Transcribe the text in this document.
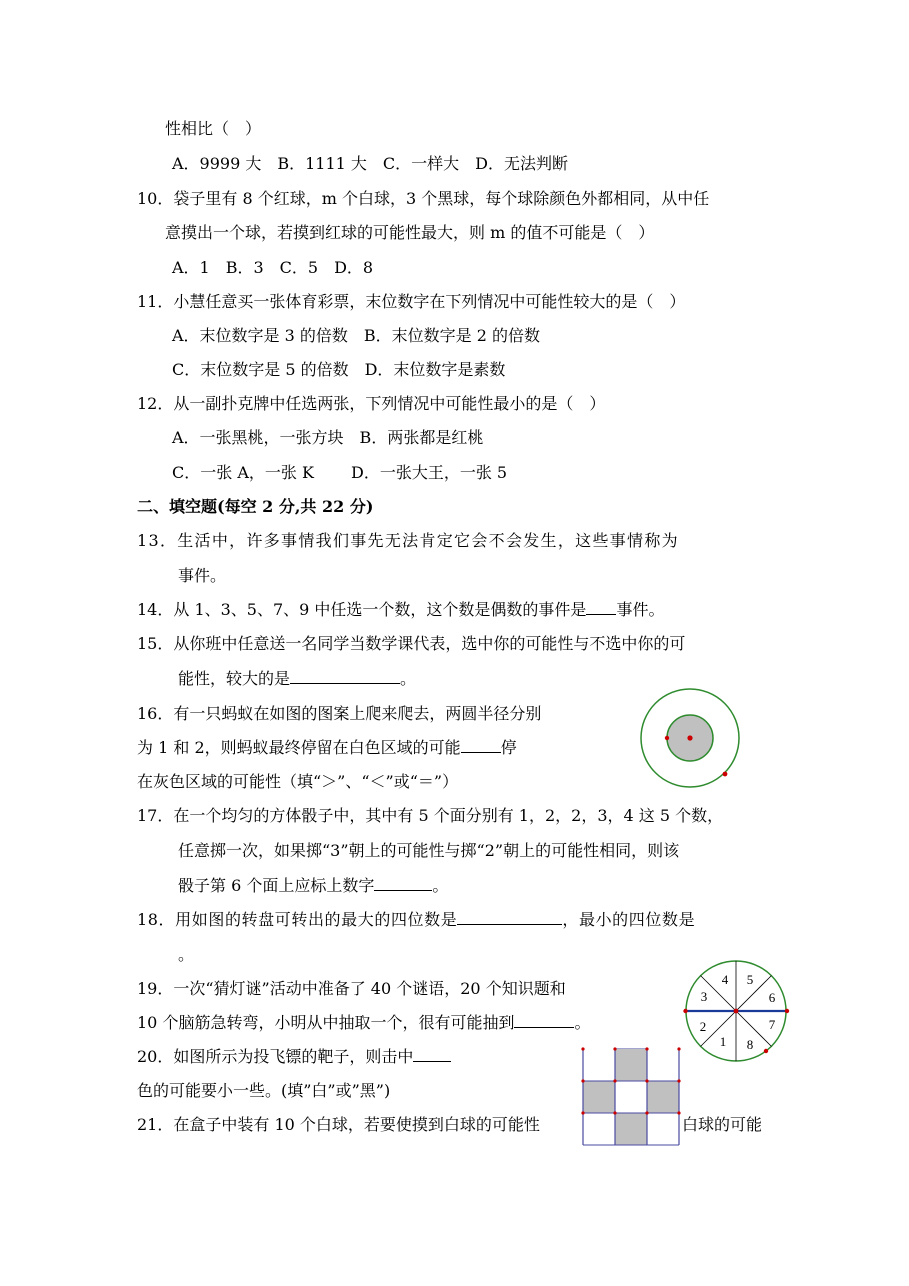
性相比（　）
A．9999 大　B．1111 大　C．一样大　D．无法判断
10．袋子里有 8 个红球，m 个白球，3 个黑球，每个球除颜色外都相同，从中任
意摸出一个球，若摸到红球的可能性最大，则 m 的值不可能是（　）
A．1　B．3　C．5　D．8
11．小慧任意买一张体育彩票，末位数字在下列情况中可能性较大的是（　）
A．末位数字是 3 的倍数　B．末位数字是 2 的倍数
C．末位数字是 5 的倍数　D．末位数字是素数
12．从一副扑克牌中任选两张，下列情况中可能性最小的是（　）
A．一张黑桃，一张方块　B．两张都是红桃
C．一张 A，一张 K　　 D．一张大王，一张 5
二、填空题(每空 2 分,共 22 分)
13．生活中，许多事情我们事先无法肯定它会不会发生，这些事情称为
事件。
14．从 1、3、5、7、9 中任选一个数，这个数是偶数的事件是 事件。
15．从你班中任意送一名同学当数学课代表，选中你的可能性与不选中你的可
能性，较大的是	。
16．有一只蚂蚁在如图的图案上爬来爬去，两圆半径分别
为 1 和 2，则蚂蚁最终停留在白色区域的可能	停
在灰色区域的可能性（填“＞”、“＜”或“＝”）
17．在一个均匀的方体骰子中，其中有 5 个面分别有 1，2，2，3，4 这 5 个数，
任意掷一次，如果掷“3”朝上的可能性与掷“2”朝上的可能性相同，则该
骰子第 6 个面上应标上数字	。
18．用如图的转盘可转出的最大的四位数是	，最小的四位数是
。
19．一次“猜灯谜”活动中准备了 40 个谜语，20 个知识题和
10 个脑筋急转弯，小明从中抽取一个，很有可能抽到	。
20．如图所示为投飞镖的靶子，则击中
色的可能要小一些。(填”白”或”黑”)
21．在盒子中装有 10 个白球，若要使摸到白球的可能性	白球的可能
4 5
6
7
8
1
2
3
